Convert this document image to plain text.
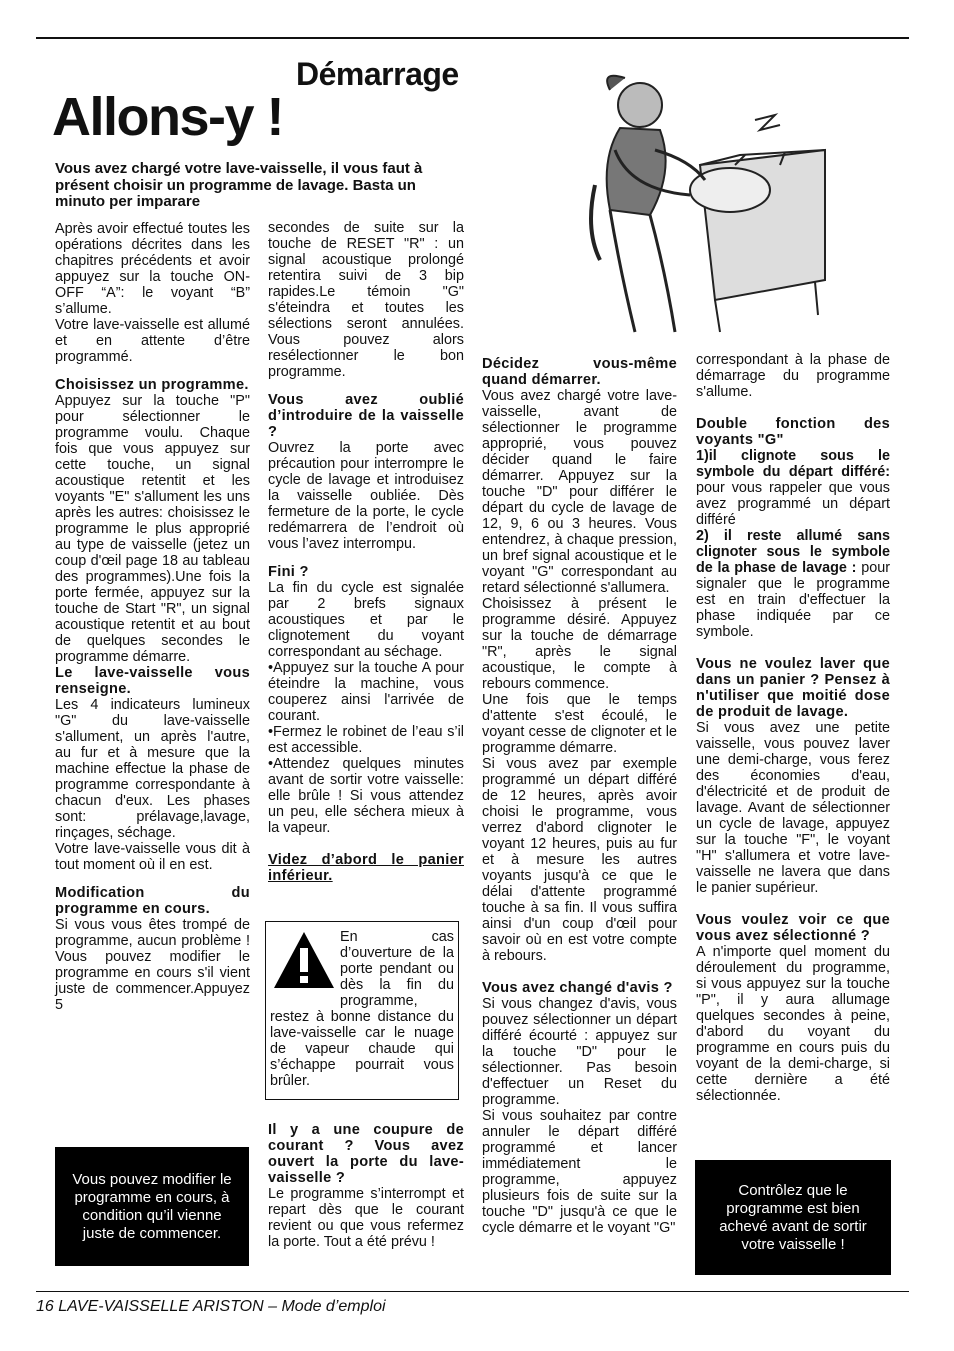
Démarrage
Allons-y !
Vous avez chargé votre lave-vaisselle, il vous faut à présent choisir un programme de lavage. Basta un minuto per imparare

Après avoir effectué toutes les opérations décrites dans les chapitres précédents et avoir appuyez sur la touche ON-OFF “A”: le voyant “B” s’allume.

Votre lave-vaisselle est allumé et en attente d’être programmé.

Choisissez un programme.

Appuyez sur la touche "P" pour sélectionner le programme voulu. Chaque fois que vous appuyez sur cette touche, un signal acoustique retentit et les voyants "E" s'allument les uns après les autres: choisissez le programme le plus approprié au type de vaisselle (jetez un coup d'œil page 18 au tableau des programmes).Une fois la porte fermée, appuyez sur la touche de Start "R", un signal acoustique retentit et au bout de quelques secondes le programme démarre.

Le lave-vaisselle vous renseigne.

Les 4 indicateurs lumineux "G" du lave-vaisselle s'allument, un après l'autre, au fur et à mesure que la machine effectue la phase de programme correspondante à chacun d'eux. Les phases sont: prélavage,lavage, rinçages, séchage.

Votre lave-vaisselle vous dit à tout moment où il en est.

Modification du programme en cours.

Si vous vous êtes trompé de programme, aucun problème ! Vous pouvez modifier le programme en cours s'il vient juste de commencer.Appuyez 5

secondes de suite sur la touche de RESET "R" : un signal acoustique prolongé retentira suivi de 3 bip rapides.Le témoin "G" s'éteindra et toutes les sélections seront annulées. Vous pouvez alors resélectionner le bon programme.

Vous avez oublié d’introduire de la vaisselle ?

Ouvrez la porte avec précaution pour interrompre le cycle de lavage et introduisez la vaisselle oubliée. Dès fermeture de la porte, le cycle redémarrera de l’endroit où vous l’avez interrompu.

Fini ?

La fin du cycle est signalée par 2 brefs signaux acoustiques et par le clignotement du voyant correspondant au séchage.

•Appuyez sur la touche A pour éteindre la machine, vous couperez ainsi l'arrivée de courant.

•Fermez le robinet de l’eau s’il est accessible.

•Attendez quelques minutes avant de sortir votre vaisselle: elle brûle ! Si vous attendez un peu, elle séchera mieux à la vapeur.

Videz d’abord le panier inférieur.
En cas d’ouverture de la porte pendant ou dès la fin du programme, restez à bonne distance du lave-vaisselle car le nuage de vapeur chaude qui s’échappe pourrait vous brûler.
Il y a une coupure de courant ? Vous avez ouvert la porte du lave-vaisselle ?

Le programme s’interrompt et repart dès que le courant revient ou que vous refermez la porte. Tout a été prévu !

Décidez vous-même quand démarrer.

Vous avez chargé votre lave-vaisselle, avant de sélectionner le programme approprié, vous pouvez décider quand le faire démarrer. Appuyez sur la touche "D" pour différer le départ du cycle de lavage de 12, 9, 6 ou 3 heures. Vous entendrez, à chaque pression, un bref signal acoustique et le voyant "G" correspondant au retard sélectionné s'allumera.

Choisissez à présent le programme désiré. Appuyez sur la touche de démarrage "R", après le signal acoustique, le compte à rebours commence.

Une fois que le temps d'attente s'est écoulé, le voyant cesse de clignoter et le programme démarre.

Si vous avez par exemple programmé un départ différé de 12 heures, après avoir choisi le programme, vous verrez d'abord clignoter le voyant 12 heures, puis au fur et à mesure les autres voyants jusqu'à ce que le délai d'attente programmé touche à sa fin. Il vous suffira ainsi d'un coup d'œil pour savoir où en est votre compte à rebours.

Vous avez changé d'avis ?

Si vous changez d'avis, vous pouvez sélectionner un départ différé écourté : appuyez sur la touche "D" pour le sélectionner. Pas besoin d'effectuer un Reset du programme.

Si vous souhaitez par contre annuler le départ différé programmé et lancer immédiatement le programme, appuyez plusieurs fois de suite sur la touche "D" jusqu'à ce que le cycle démarre et le voyant "G"

correspondant à la phase de démarrage du programme s'allume.

Double fonction des voyants "G"

1)il clignote sous le symbole du départ différé: pour vous rappeler que vous avez programmé un départ différé

2) il reste allumé sans clignoter sous le symbole de la phase de lavage : pour signaler que le programme est en train d'effectuer la phase indiquée par ce symbole.

Vous ne voulez laver que dans un panier ? Pensez à n'utiliser que moitié dose de produit de lavage.

Si vous avez une petite vaisselle, vous pouvez laver une demi-charge, vous ferez des économies d'eau, d'électricité et de produit de lavage. Avant de sélectionner un cycle de lavage, appuyez sur la touche "F", le voyant "H" s'allumera et votre lave-vaisselle ne lavera que dans le panier supérieur.

Vous voulez voir ce que vous avez sélectionné ?

A n'importe quel moment du déroulement du programme, si vous appuyez sur la touche "P", il y aura allumage quelques secondes à peine, d'abord du voyant du programme en cours puis du voyant de la demi-charge, si cette dernière a été sélectionnée.

Vous pouvez modifier le programme en cours, à condition qu’il vienne juste de commencer.
Contrôlez que le programme est bien achevé avant de sortir votre vaisselle !
16 LAVE-VAISSELLE ARISTON – Mode d’emploi
